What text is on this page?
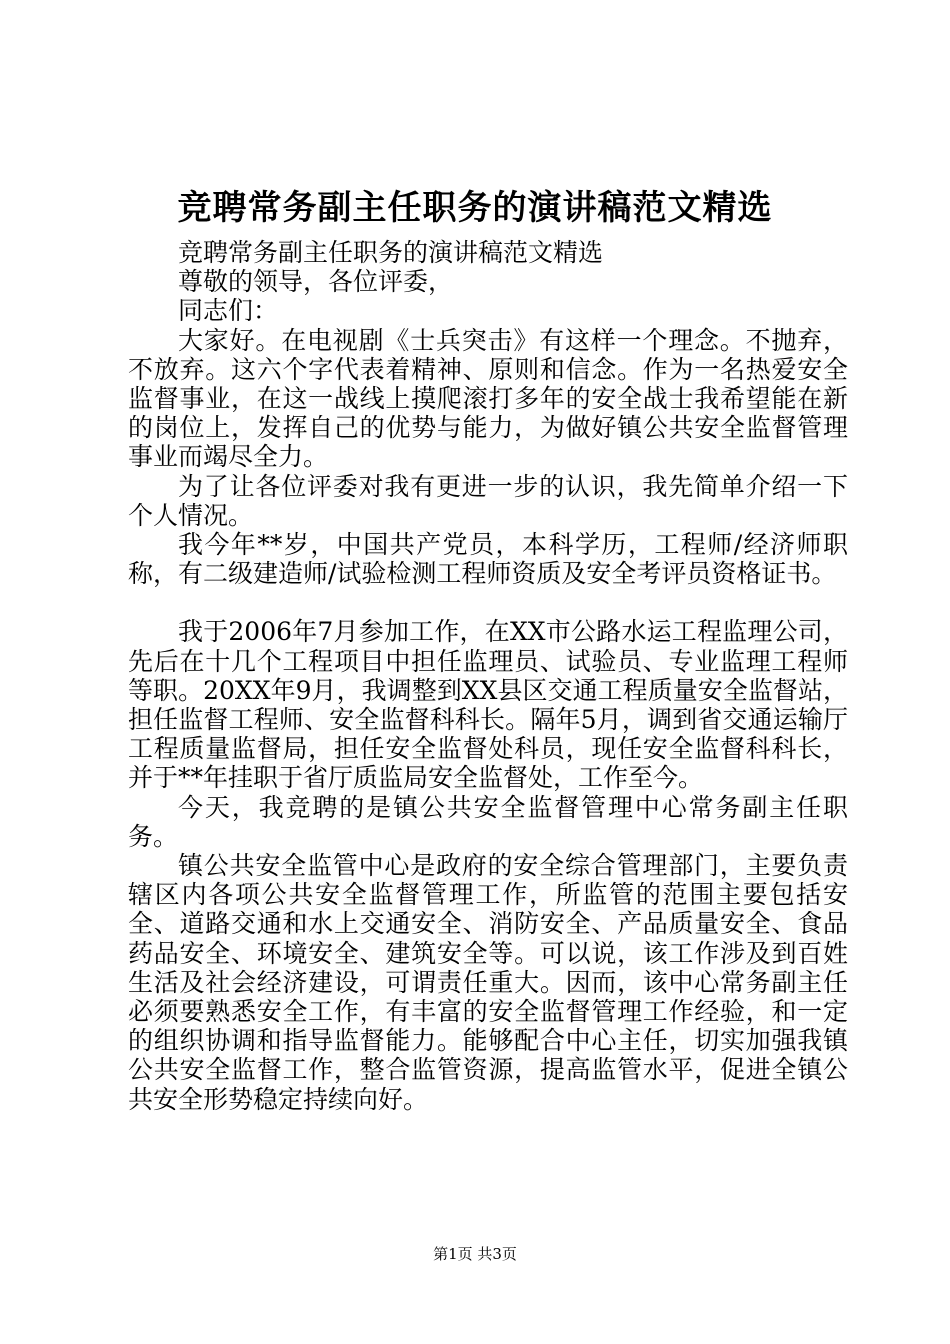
竞聘常务副主任职务的演讲稿范文精选

竞聘常务副主任职务的演讲稿范文精选

尊敬的领导，各位评委，

同志们：

大家好。在电视剧《士兵突击》有这样一个理念。不抛弃，不放弃。这六个字代表着精神、原则和信念。作为一名热爱安全监督事业，在这一战线上摸爬滚打多年的安全战士我希望能在新的岗位上，发挥自己的优势与能力，为做好镇公共安全监督管理事业而竭尽全力。

为了让各位评委对我有更进一步的认识，我先简单介绍一下个人情况。

我今年**岁，中国共产党员，本科学历，工程师/经济师职称，有二级建造师/试验检测工程师资质及安全考评员资格证书。

我于2006年7月参加工作，在XX市公路水运工程监理公司，先后在十几个工程项目中担任监理员、试验员、专业监理工程师等职。20XX年9月，我调整到XX县区交通工程质量安全监督站，担任监督工程师、安全监督科科长。隔年5月，调到省交通运输厅工程质量监督局，担任安全监督处科员，现任安全监督科科长，并于**年挂职于省厅质监局安全监督处，工作至今。

今天，我竞聘的是镇公共安全监督管理中心常务副主任职务。

镇公共安全监管中心是政府的安全综合管理部门，主要负责辖区内各项公共安全监督管理工作，所监管的范围主要包括安全、道路交通和水上交通安全、消防安全、产品质量安全、食品药品安全、环境安全、建筑安全等。可以说，该工作涉及到百姓生活及社会经济建设，可谓责任重大。因而，该中心常务副主任必须要熟悉安全工作，有丰富的安全监督管理工作经验，和一定的组织协调和指导监督能力。能够配合中心主任，切实加强我镇公共安全监督工作，整合监管资源，提高监管水平，促进全镇公共安全形势稳定持续向好。

第1页 共3页
